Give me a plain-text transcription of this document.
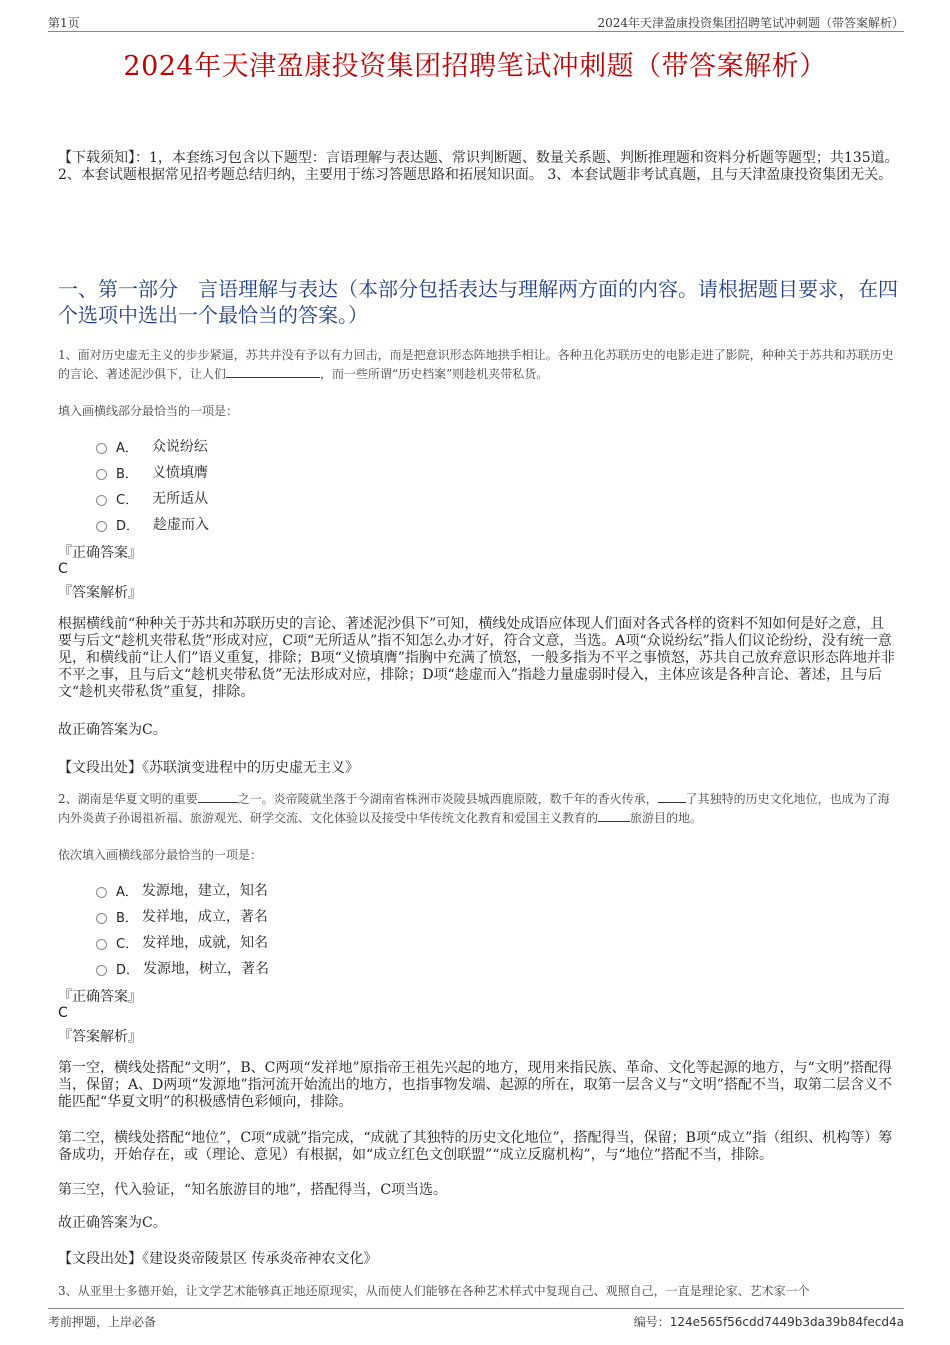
第1页	2024年天津盈康投资集团招聘笔试冲刺题（带答案解析）
2024年天津盈康投资集团招聘笔试冲刺题（带答案解析）
【下载须知】：1，本套练习包含以下题型：言语理解与表达题、常识判断题、数量关系题、判断推理题和资料分析题等题型；共135道。 2、本套试题根据常见招考题总结归纳，主要用于练习答题思路和拓展知识面。 3、本套试题非考试真题，且与天津盈康投资集团无关。
一、第一部分　言语理解与表达（本部分包括表达与理解两方面的内容。请根据题目要求，在四个选项中选出一个最恰当的答案。）
1、面对历史虚无主义的步步紧逼，苏共并没有予以有力回击，而是把意识形态阵地拱手相让。各种丑化苏联历史的电影走进了影院，种种关于苏共和苏联历史的言论、著述泥沙俱下，让人们	，而一些所谓“历史档案”则趁机夹带私货。
填入画横线部分最恰当的一项是：
A． 众说纷纭
B． 义愤填膺
C． 无所适从
D． 趁虚而入
『正确答案』
C
『答案解析』
根据横线前“种种关于苏共和苏联历史的言论、著述泥沙俱下”可知，横线处成语应体现人们面对各式各样的资料不知如何是好之意，且要与后文“趁机夹带私货”形成对应，C项“无所适从”指不知怎么办才好，符合文意，当选。A项“众说纷纭”指人们议论纷纷，没有统一意见，和横线前“让人们”语义重复，排除；B项“义愤填膺”指胸中充满了愤怒，一般多指为不平之事愤怒，苏共自己放弃意识形态阵地并非不平之事，且与后文“趁机夹带私货”无法形成对应，排除；D项“趁虚而入”指趁力量虚弱时侵入，主体应该是各种言论、著述，且与后文“趁机夹带私货”重复，排除。
故正确答案为C。
【文段出处】《苏联演变进程中的历史虚无主义》
2、湖南是华夏文明的重要	之一。炎帝陵就坐落于今湖南省株洲市炎陵县城西鹿原陂，数千年的香火传承， 了其独特的历史文化地位，也成为了海内外炎黄子孙谒祖祈福、旅游观光、研学交流、文化体验以及接受中华传统文化教育和爱国主义教育的	旅游目的地。
依次填入画横线部分最恰当的一项是：
A． 发源地，建立，知名
B． 发祥地，成立，著名
C． 发祥地，成就，知名
D． 发源地，树立，著名
『正确答案』
C
『答案解析』
第一空，横线处搭配“文明”，B、C两项“发祥地”原指帝王祖先兴起的地方，现用来指民族、革命、文化等起源的地方，与“文明”搭配得当，保留；A、D两项“发源地”指河流开始流出的地方，也指事物发端、起源的所在，取第一层含义与“文明”搭配不当，取第二层含义不能匹配“华夏文明”的积极感情色彩倾向，排除。
第二空，横线处搭配“地位”，C项“成就”指完成，“成就了其独特的历史文化地位”，搭配得当，保留；B项“成立”指（组织、机构等）筹备成功，开始存在，或（理论、意见）有根据，如“成立红色文创联盟”“成立反腐机构”，与“地位”搭配不当，排除。
第三空，代入验证，“知名旅游目的地”，搭配得当，C项当选。
故正确答案为C。
【文段出处】《建设炎帝陵景区 传承炎帝神农文化》
3、从亚里士多德开始，让文学艺术能够真正地还原现实，从而使人们能够在各种艺术样式中复现自己、观照自己，一直是理论家、艺术家一个
考前押题，上岸必备	编号：124e565f56cdd7449b3da39b84fecd4a
